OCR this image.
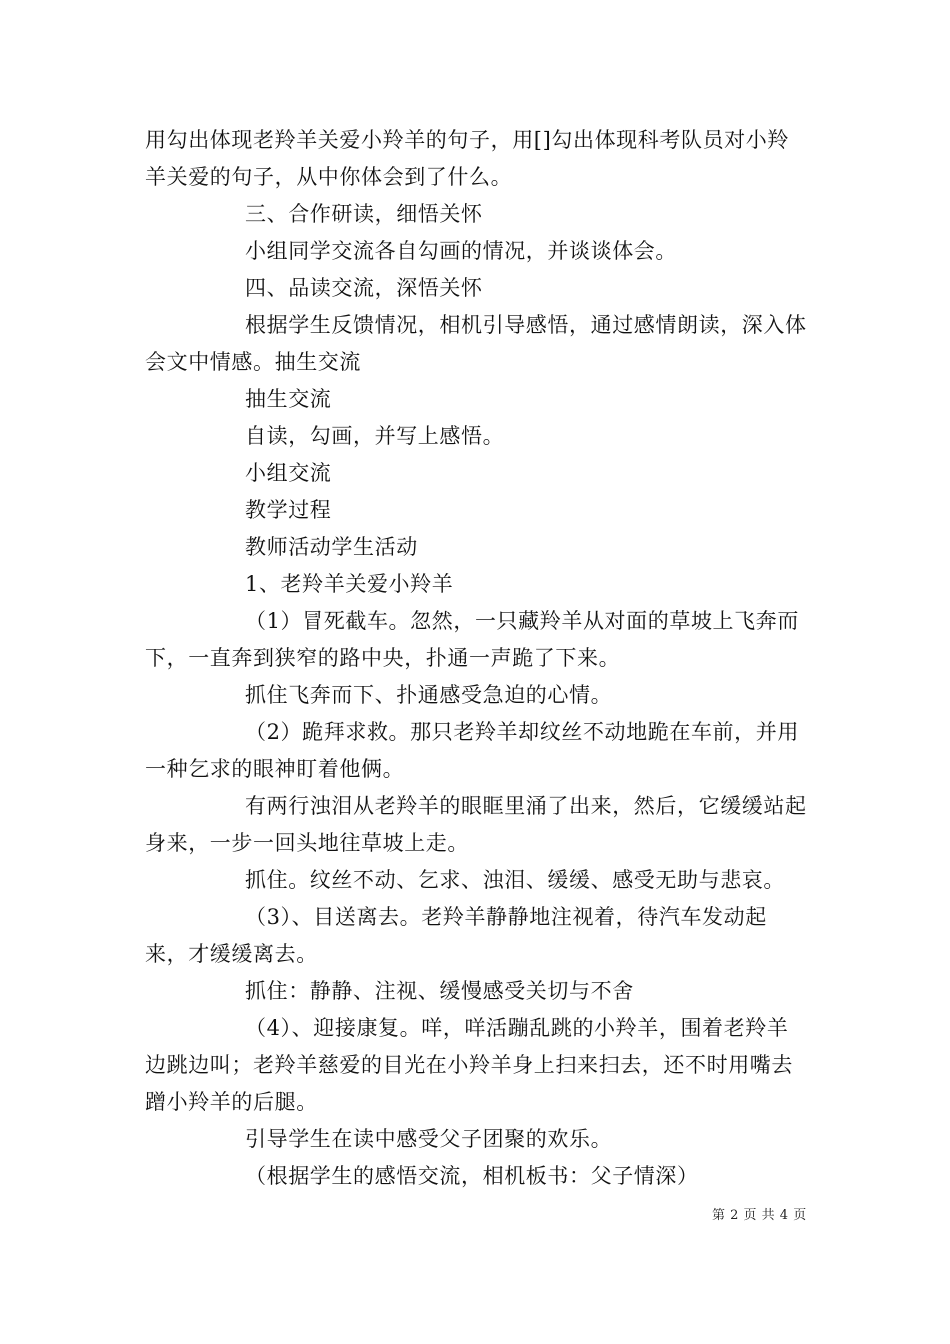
用勾出体现老羚羊关爱小羚羊的句子，用[]勾出体现科考队员对小羚羊关爱的句子，从中你体会到了什么。

三、合作研读，细悟关怀

小组同学交流各自勾画的情况，并谈谈体会。

四、品读交流，深悟关怀

根据学生反馈情况，相机引导感悟，通过感情朗读，深入体会文中情感。抽生交流

抽生交流

自读，勾画，并写上感悟。

小组交流

教学过程

教师活动学生活动

1、老羚羊关爱小羚羊

（1）冒死截车。忽然，一只藏羚羊从对面的草坡上飞奔而下，一直奔到狭窄的路中央，扑通一声跪了下来。

抓住飞奔而下、扑通感受急迫的心情。

（2）跪拜求救。那只老羚羊却纹丝不动地跪在车前，并用一种乞求的眼神盯着他俩。

有两行浊泪从老羚羊的眼眶里涌了出来，然后，它缓缓站起身来，一步一回头地往草坡上走。

抓住。纹丝不动、乞求、浊泪、缓缓、感受无助与悲哀。

（3）、目送离去。老羚羊静静地注视着，待汽车发动起来，才缓缓离去。

抓住：静静、注视、缓慢感受关切与不舍

（4）、迎接康复。咩，咩活蹦乱跳的小羚羊，围着老羚羊边跳边叫；老羚羊慈爱的目光在小羚羊身上扫来扫去，还不时用嘴去蹭小羚羊的后腿。

引导学生在读中感受父子团聚的欢乐。

（根据学生的感悟交流，相机板书：父子情深）

第 2 页 共 4 页
